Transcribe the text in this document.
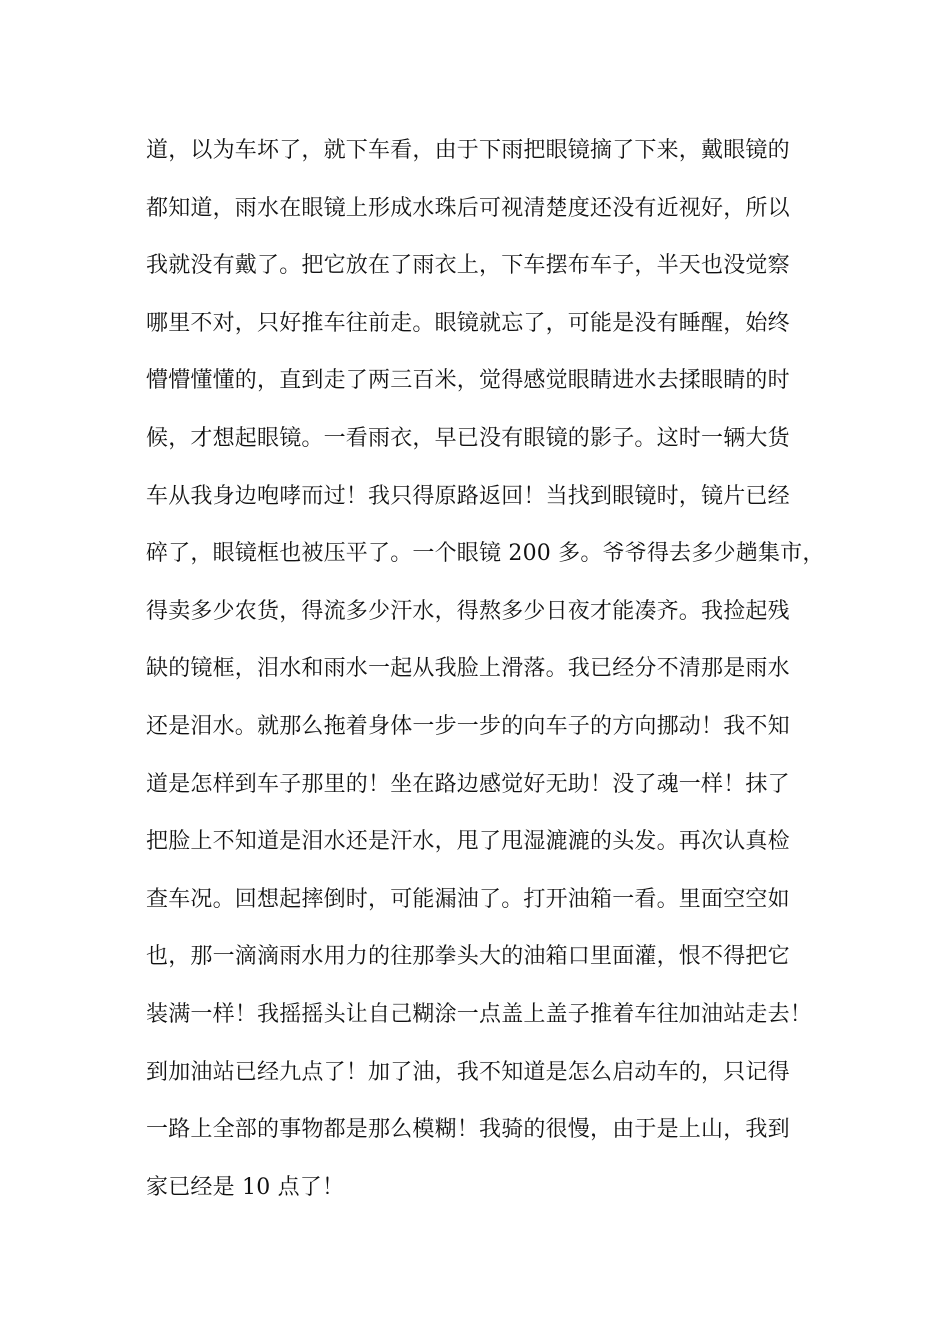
道，以为车坏了，就下车看，由于下雨把眼镜摘了下来，戴眼镜的
都知道，雨水在眼镜上形成水珠后可视清楚度还没有近视好，所以
我就没有戴了。把它放在了雨衣上，下车摆布车子，半天也没觉察
哪里不对，只好推车往前走。眼镜就忘了，可能是没有睡醒，始终
懵懵懂懂的，直到走了两三百米，觉得感觉眼睛进水去揉眼睛的时
候，才想起眼镜。一看雨衣，早已没有眼镜的影子。这时一辆大货
车从我身边咆哮而过！我只得原路返回！当找到眼镜时，镜片已经
碎了，眼镜框也被压平了。一个眼镜 200 多。爷爷得去多少趟集市，
得卖多少农货，得流多少汗水，得熬多少日夜才能凑齐。我捡起残
缺的镜框，泪水和雨水一起从我脸上滑落。我已经分不清那是雨水
还是泪水。就那么拖着身体一步一步的向车子的方向挪动！我不知
道是怎样到车子那里的！坐在路边感觉好无助！没了魂一样！抹了
把脸上不知道是泪水还是汗水，甩了甩湿漉漉的头发。再次认真检
查车况。回想起摔倒时，可能漏油了。打开油箱一看。里面空空如
也，那一滴滴雨水用力的往那拳头大的油箱口里面灌，恨不得把它
装满一样！我摇摇头让自己糊涂一点盖上盖子推着车往加油站走去！
到加油站已经九点了！加了油，我不知道是怎么启动车的，只记得
一路上全部的事物都是那么模糊！我骑的很慢，由于是上山，我到
家已经是 10 点了！
